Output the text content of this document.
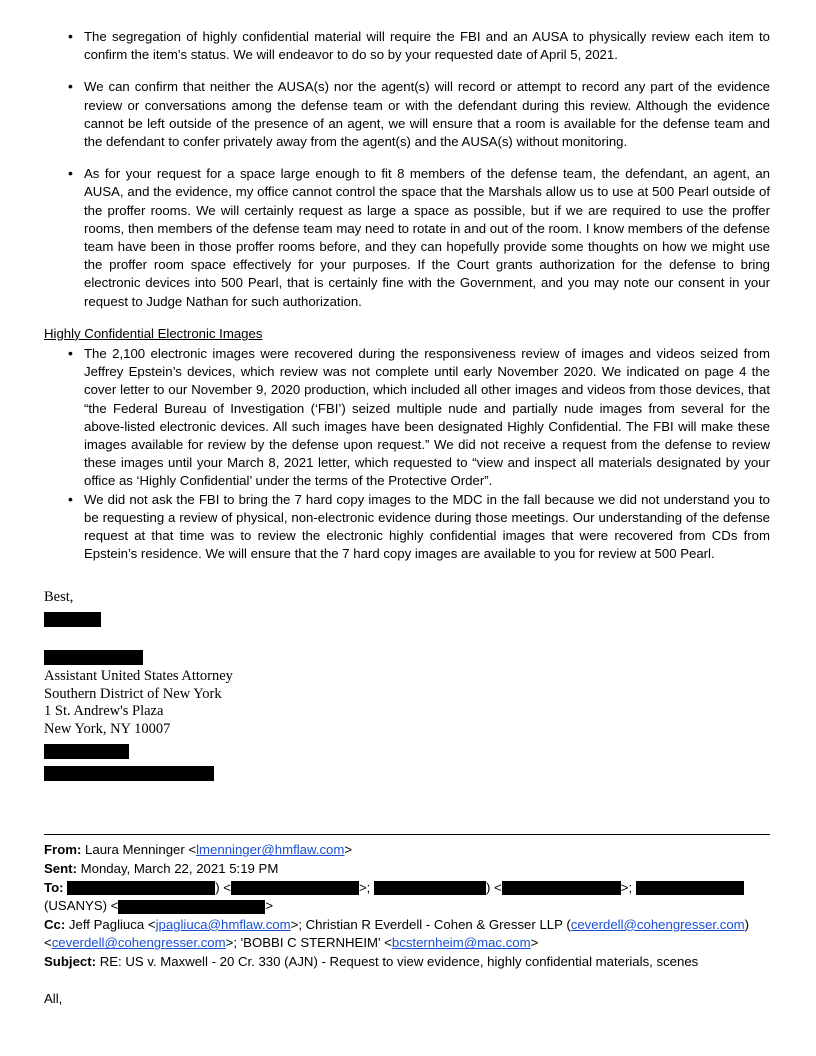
• The segregation of highly confidential material will require the FBI and an AUSA to physically review each item to confirm the item’s status. We will endeavor to do so by your requested date of April 5, 2021.
• We can confirm that neither the AUSA(s) nor the agent(s) will record or attempt to record any part of the evidence review or conversations among the defense team or with the defendant during this review. Although the evidence cannot be left outside of the presence of an agent, we will ensure that a room is available for the defense team and the defendant to confer privately away from the agent(s) and the AUSA(s) without monitoring.
• As for your request for a space large enough to fit 8 members of the defense team, the defendant, an agent, an AUSA, and the evidence, my office cannot control the space that the Marshals allow us to use at 500 Pearl outside of the proffer rooms. We will certainly request as large a space as possible, but if we are required to use the proffer rooms, then members of the defense team may need to rotate in and out of the room. I know members of the defense team have been in those proffer rooms before, and they can hopefully provide some thoughts on how we might use the proffer room space effectively for your purposes. If the Court grants authorization for the defense to bring electronic devices into 500 Pearl, that is certainly fine with the Government, and you may note our consent in your request to Judge Nathan for such authorization.
Highly Confidential Electronic Images
• The 2,100 electronic images were recovered during the responsiveness review of images and videos seized from Jeffrey Epstein’s devices, which review was not complete until early November 2020. We indicated on page 4 the cover letter to our November 9, 2020 production, which included all other images and videos from those devices, that “the Federal Bureau of Investigation (‘FBI’) seized multiple nude and partially nude images from several for the above-listed electronic devices. All such images have been designated Highly Confidential. The FBI will make these images available for review by the defense upon request.” We did not receive a request from the defense to review these images until your March 8, 2021 letter, which requested to “view and inspect all materials designated by your office as ‘Highly Confidential’ under the terms of the Protective Order”.
• We did not ask the FBI to bring the 7 hard copy images to the MDC in the fall because we did not understand you to be requesting a review of physical, non-electronic evidence during those meetings. Our understanding of the defense request at that time was to review the electronic highly confidential images that were recovered from CDs from Epstein’s residence. We will ensure that the 7 hard copy images are available to you for review at 500 Pearl.
Best,
Assistant United States Attorney
Southern District of New York
1 St. Andrew's Plaza
New York, NY 10007
From: Laura Menninger <lmenninger@hmflaw.com>
Sent: Monday, March 22, 2021 5:19 PM
To:	) <	>;	) <	>;
(USANYS) <	>
Cc: Jeff Pagliuca <jpagliuca@hmflaw.com>; Christian R Everdell - Cohen & Gresser LLP (ceverdell@cohengresser.com)
<ceverdell@cohengresser.com>; 'BOBBI C STERNHEIM' <bcsternheim@mac.com>
Subject: RE: US v. Maxwell - 20 Cr. 330 (AJN) - Request to view evidence, highly confidential materials, scenes
All,
